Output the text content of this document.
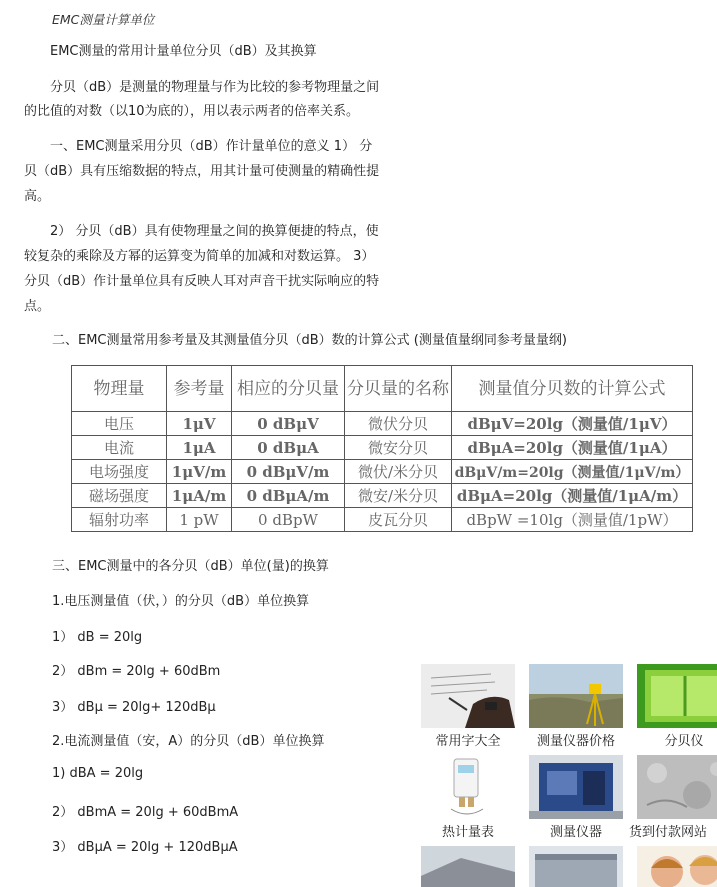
EMC测量计算单位

EMC测量的常用计量单位分贝（dB）及其换算

分贝（dB）是测量的物理量与作为比较的参考物理量之间

的比值的对数（以10为底的），用以表示两者的倍率关系。

一、EMC测量采用分贝（dB）作计量单位的意义 1） 分

贝（dB）具有压缩数据的特点，用其计量可使测量的精确性提

高。

2） 分贝（dB）具有使物理量之间的换算便捷的特点，使

较复杂的乘除及方幂的运算变为简单的加减和对数运算。 3）

分贝（dB）作计量单位具有反映人耳对声音干扰实际响应的特

点。

二、EMC测量常用参考量及其测量值分贝（dB）数的计算公式 (测量值量纲同参考量量纲)

物理量	参考量	相应的分贝量	分贝量的名称	测量值分贝数的计算公式
电压	1μV	0 dBμV	微伏分贝	dBμV=20lg（测量值/1μV）
电流	1μA	0 dBμA	微安分贝	dBμA=20lg（测量值/1μA）
电场强度	1μV/m	0 dBμV/m	微伏/米分贝	dBμV/m=20lg（测量值/1μV/m）
磁场强度	1μA/m	0 dBμA/m	微安/米分贝	dBμA=20lg（测量值/1μA/m）
辐射功率	1 pW	0 dBpW	皮瓦分贝	dBpW =10lg（测量值/1pW）

三、EMC测量中的各分贝（dB）单位(量)的换算

1.电压测量值（伏，）的分贝（dB）单位换算

1） dB = 20lg

2） dBm = 20lg + 60dBm

3） dBμ = 20lg+ 120dBμ

2.电流测量值（安，A）的分贝（dB）单位换算

1) dBA = 20lg

2） dBmA = 20lg + 60dBmA

3） dBμA = 20lg + 120dBμA

常用字大全	测量仪器价格	分贝仪
热计量表	测量仪器	货到付款网站
